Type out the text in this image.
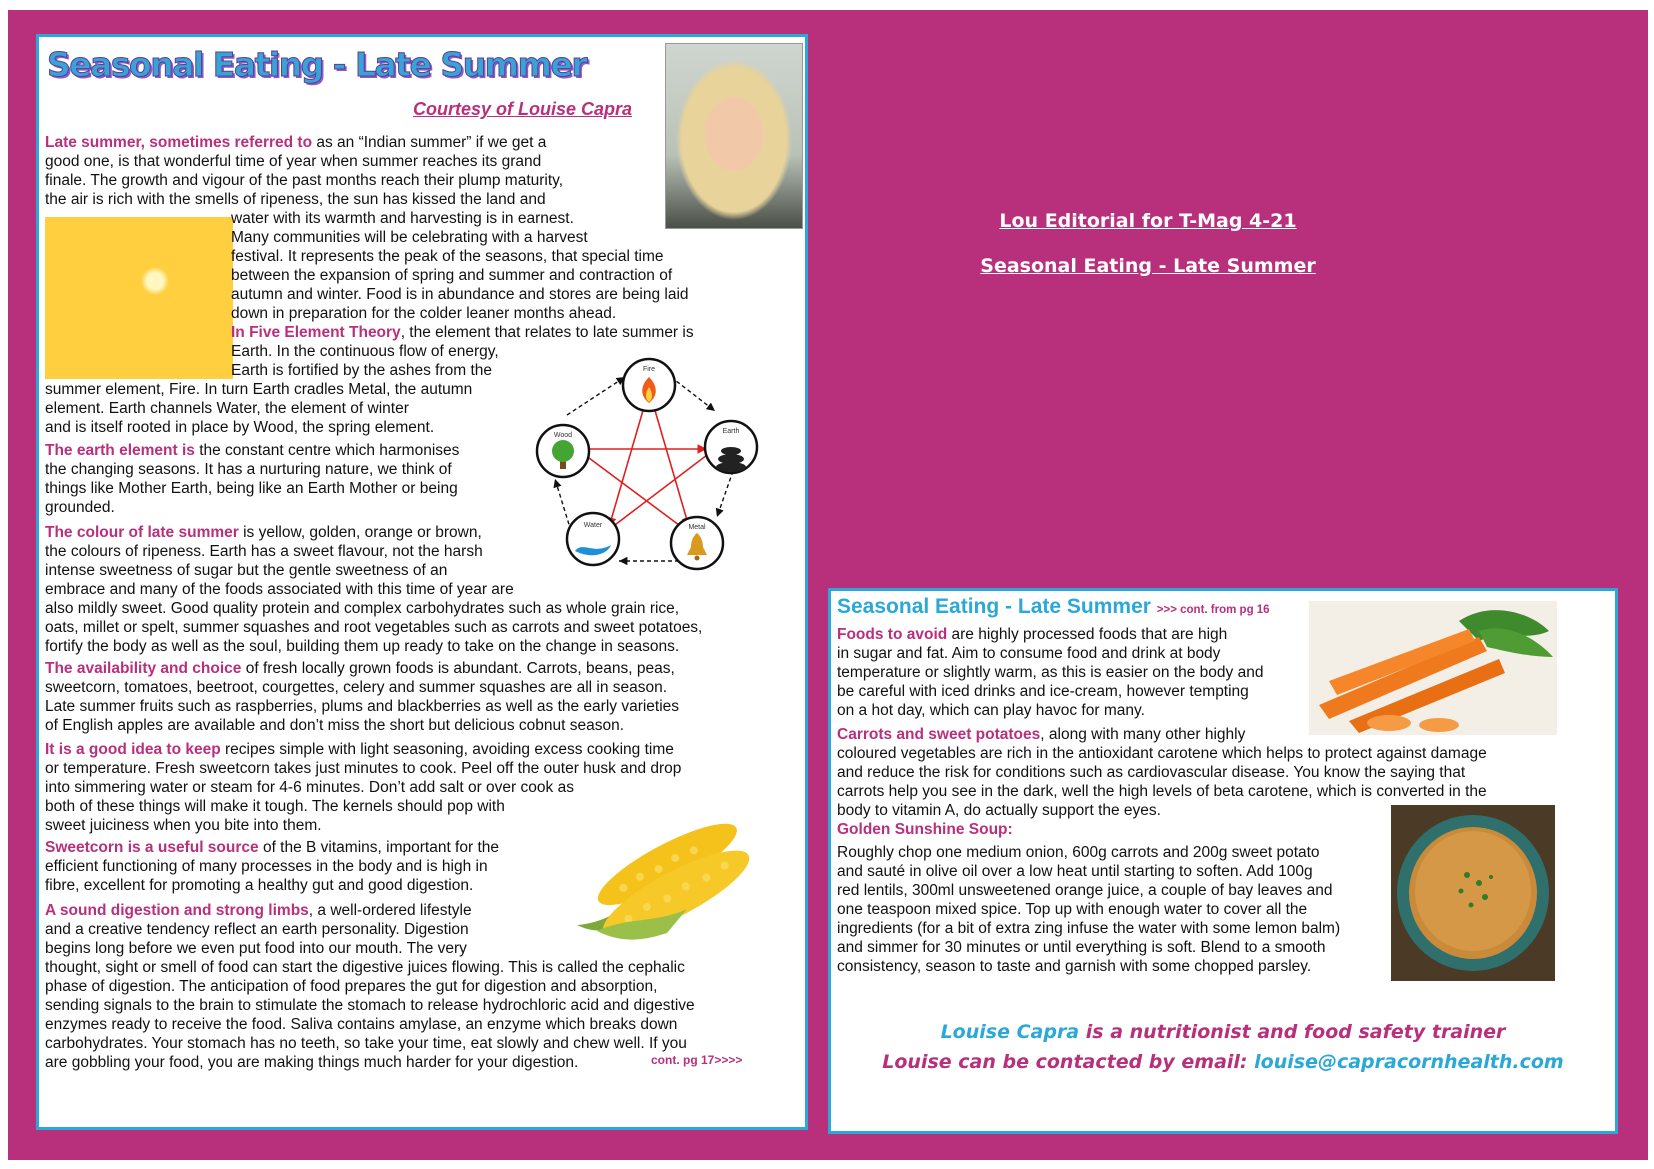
Seasonal Eating - Late Summer

Courtesy of Louise Capra

Late summer, sometimes referred to as an “Indian summer” if we get a
good one, is that wonderful time of year when summer reaches its grand
finale. The growth and vigour of the past months reach their plump maturity,
the air is rich with the smells of ripeness, the sun has kissed the land and
water with its warmth and harvesting is in earnest.
Many communities will be celebrating with a harvest
festival. It represents the peak of the seasons, that special time
between the expansion of spring and summer and contraction of
autumn and winter. Food is in abundance and stores are being laid
down in preparation for the colder leaner months ahead.
In Five Element Theory, the element that relates to late summer is
Earth. In the continuous flow of energy,
Earth is fortified by the ashes from the
summer element, Fire. In turn Earth cradles Metal, the autumn
element. Earth channels Water, the element of winter
and is itself rooted in place by Wood, the spring element.
Fire
Earth
Metal
Water
Wood
The earth element is the constant centre which harmonises
the changing seasons. It has a nurturing nature, we think of
things like Mother Earth, being like an Earth Mother or being
grounded.
The colour of late summer is yellow, golden, orange or brown,
the colours of ripeness. Earth has a sweet flavour, not the harsh
intense sweetness of sugar but the gentle sweetness of an
embrace and many of the foods associated with this time of year are
also mildly sweet. Good quality protein and complex carbohydrates such as whole grain rice,
oats, millet or spelt, summer squashes and root vegetables such as carrots and sweet potatoes,
fortify the body as well as the soul, building them up ready to take on the change in seasons.
The availability and choice of fresh locally grown foods is abundant. Carrots, beans, peas,
sweetcorn, tomatoes, beetroot, courgettes, celery and summer squashes are all in season.
Late summer fruits such as raspberries, plums and blackberries as well as the early varieties
of English apples are available and don’t miss the short but delicious cobnut season.
It is a good idea to keep recipes simple with light seasoning, avoiding excess cooking time
or temperature. Fresh sweetcorn takes just minutes to cook. Peel off the outer husk and drop
into simmering water or steam for 4-6 minutes. Don’t add salt or over cook as
both of these things will make it tough. The kernels should pop with
sweet juiciness when you bite into them.
Sweetcorn is a useful source of the B vitamins, important for the
efficient functioning of many processes in the body and is high in
fibre, excellent for promoting a healthy gut and good digestion.
A sound digestion and strong limbs, a well-ordered lifestyle
and a creative tendency reflect an earth personality. Digestion
begins long before we even put food into our mouth. The very
thought, sight or smell of food can start the digestive juices flowing. This is called the cephalic
phase of digestion. The anticipation of food prepares the gut for digestion and absorption,
sending signals to the brain to stimulate the stomach to release hydrochloric acid and digestive
enzymes ready to receive the food. Saliva contains amylase, an enzyme which breaks down
carbohydrates. Your stomach has no teeth, so take your time, eat slowly and chew well. If you
are gobbling your food, you are making things much harder for your digestion.	cont. pg 17>>>>

Lou Editorial for T-Mag 4-21

Seasonal Eating - Late Summer

Seasonal Eating - Late Summer >>> cont. from pg 16

Foods to avoid are highly processed foods that are high
in sugar and fat. Aim to consume food and drink at body
temperature or slightly warm, as this is easier on the body and
be careful with iced drinks and ice-cream, however tempting
on a hot day, which can play havoc for many.
Carrots and sweet potatoes, along with many other highly
coloured vegetables are rich in the antioxidant carotene which helps to protect against damage
and reduce the risk for conditions such as cardiovascular disease. You know the saying that
carrots help you see in the dark, well the high levels of beta carotene, which is converted in the
body to vitamin A, do actually support the eyes.

Golden Sunshine Soup:

Roughly chop one medium onion, 600g carrots and 200g sweet potato
and sauté in olive oil over a low heat until starting to soften. Add 100g
red lentils, 300ml unsweetened orange juice, a couple of bay leaves and
one teaspoon mixed spice. Top up with enough water to cover all the
ingredients (for a bit of extra zing infuse the water with some lemon balm)
and simmer for 30 minutes or until everything is soft. Blend to a smooth
consistency, season to taste and garnish with some chopped parsley.
Louise Capra is a nutritionist and food safety trainer
Louise can be contacted by email: louise@capracornhealth.com
